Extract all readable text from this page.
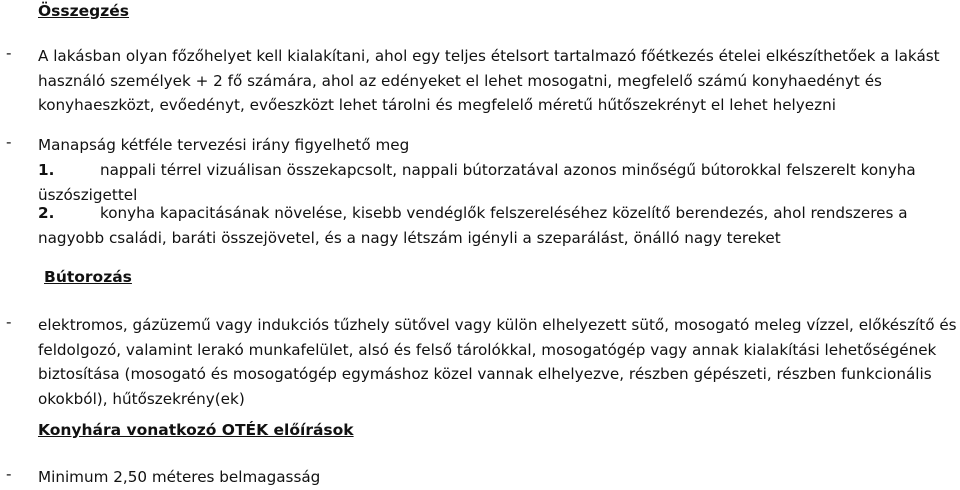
Összegzés
- A lakásban olyan főzőhelyet kell kialakítani, ahol egy teljes ételsort tartalmazó főétkezés ételei elkészíthetőek a lakást használó személyek + 2 fő számára, ahol az edényeket el lehet mosogatni, megfelelő számú konyhaedényt és konyhaeszközt, evőedényt, evőeszközt lehet tárolni és megfelelő méretű hűtőszekrényt el lehet helyezni

- Manapság kétféle tervezési irány figyelhető meg

1.	nappali térrel vizuálisan összekapcsolt, nappali bútorzatával azonos minőségű bútorokkal felszerelt konyha üszószigettel

2.	konyha kapacitásának növelése, kisebb vendéglők felszereléséhez közelítő berendezés, ahol rendszeres a nagyobb családi, baráti összejövetel, és a nagy létszám igényli a szeparálást, önálló nagy tereket

Bútorozás
- elektromos, gázüzemű vagy indukciós tűzhely sütővel vagy külön elhelyezett sütő, mosogató meleg vízzel, előkészítő és feldolgozó, valamint lerakó munkafelület, alsó és felső tárolókkal, mosogatógép vagy annak kialakítási lehetőségének biztosítása (mosogató és mosogatógép egymáshoz közel vannak elhelyezve, részben gépészeti, részben funkcionális okokból), hűtőszekrény(ek)

Konyhára vonatkozó OTÉK előírások
- Minimum 2,50 méteres belmagasság
